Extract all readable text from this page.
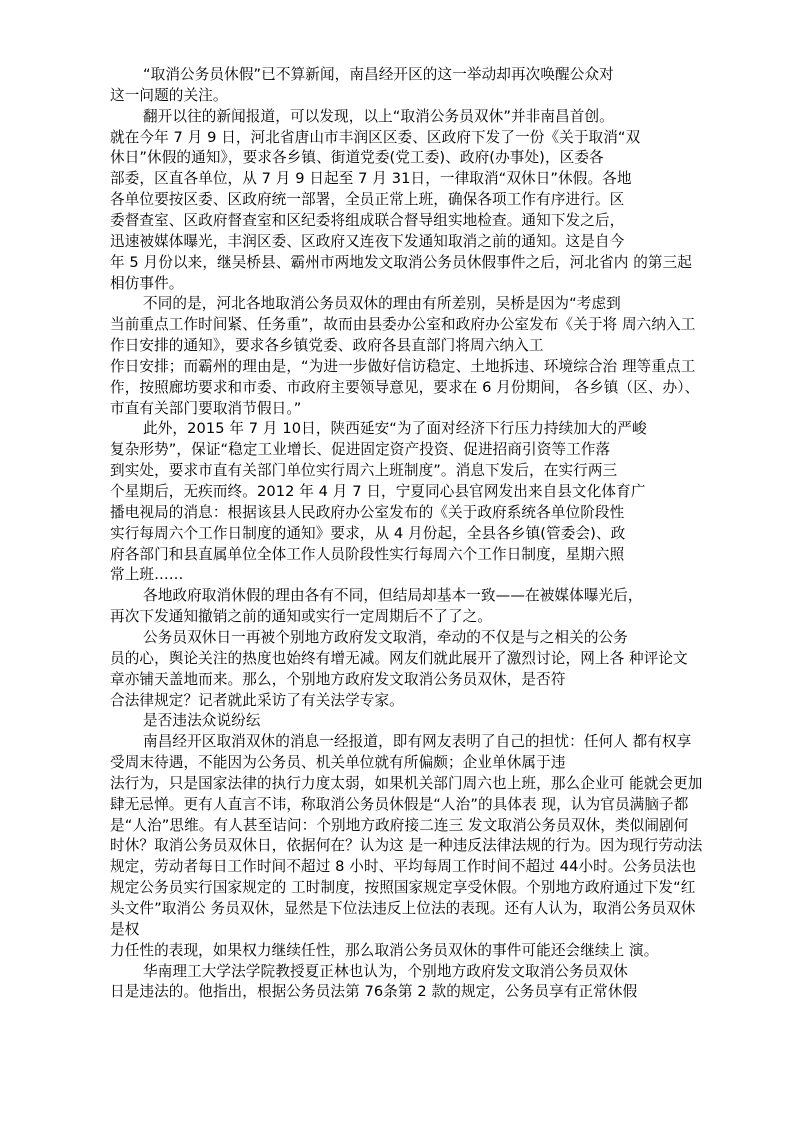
“取消公务员休假”已不算新闻，南昌经开区的这一举动却再次唤醒公众对
这一问题的关注。
翻开以往的新闻报道，可以发现，以上“取消公务员双休”并非南昌首创。
就在今年 7 月 9 日，河北省唐山市丰润区区委、区政府下发了一份《关于取消“双
休日”休假的通知》，要求各乡镇、街道党委(党工委)、政府(办事处)，区委各
部委，区直各单位，从 7 月 9 日起至 7 月 31日，一律取消“双休日”休假。各地
各单位要按区委、区政府统一部署，全员正常上班，确保各项工作有序进行。区
委督查室、区政府督查室和区纪委将组成联合督导组实地检查。通知下发之后，
迅速被媒体曝光，丰润区委、区政府又连夜下发通知取消之前的通知。这是自今
年 5 月份以来，继吴桥县、霸州市两地发文取消公务员休假事件之后，河北省内 的第三起
相仿事件。
不同的是，河北各地取消公务员双休的理由有所差别，吴桥是因为“考虑到
当前重点工作时间紧、任务重”，故而由县委办公室和政府办公室发布《关于将 周六纳入工
作日安排的通知》，要求各乡镇党委、政府各县直部门将周六纳入工
作日安排；而霸州的理由是，“为进一步做好信访稳定、土地拆违、环境综合治 理等重点工
作，按照廊坊要求和市委、市政府主要领导意见，要求在 6 月份期间， 各乡镇（区、办）、
市直有关部门要取消节假日。”
此外，2015 年 7 月 10日，陕西延安“为了面对经济下行压力持续加大的严峻
复杂形势”，保证“稳定工业增长、促进固定资产投资、促进招商引资等工作落
到实处，要求市直有关部门单位实行周六上班制度”。消息下发后，在实行两三
个星期后，无疾而终。2012 年 4 月 7 日，宁夏同心县官网发出来自县文化体育广
播电视局的消息：根据该县人民政府办公室发布的《关于政府系统各单位阶段性
实行每周六个工作日制度的通知》要求，从 4 月份起，全县各乡镇(管委会)、政
府各部门和县直属单位全体工作人员阶段性实行每周六个工作日制度，星期六照
常上班……
各地政府取消休假的理由各有不同，但结局却基本一致——在被媒体曝光后，
再次下发通知撤销之前的通知或实行一定周期后不了了之。
公务员双休日一再被个别地方政府发文取消，牵动的不仅是与之相关的公务
员的心，舆论关注的热度也始终有增无减。网友们就此展开了激烈讨论，网上各 种评论文
章亦铺天盖地而来。那么，个别地方政府发文取消公务员双休，是否符
合法律规定？记者就此采访了有关法学专家。
是否违法众说纷纭
南昌经开区取消双休的消息一经报道，即有网友表明了自己的担忧：任何人 都有权享
受周末待遇，不能因为公务员、机关单位就有所偏颇；企业单休属于违
法行为，只是国家法律的执行力度太弱，如果机关部门周六也上班，那么企业可 能就会更加
肆无忌惮。更有人直言不讳，称取消公务员休假是“人治”的具体表 现，认为官员满脑子都
是“人治”思维。有人甚至诘问：个别地方政府接二连三 发文取消公务员双休，类似闹剧何
时休？取消公务员双休日，依据何在？认为这 是一种违反法律法规的行为。因为现行劳动法
规定，劳动者每日工作时间不超过 8 小时、平均每周工作时间不超过 44小时。公务员法也
规定公务员实行国家规定的 工时制度，按照国家规定享受休假。个别地方政府通过下发“红
头文件”取消公 务员双休，显然是下位法违反上位法的表现。还有人认为，取消公务员双休
是权
力任性的表现，如果权力继续任性，那么取消公务员双休的事件可能还会继续上 演。
华南理工大学法学院教授夏正林也认为，个别地方政府发文取消公务员双休
日是违法的。他指出，根据公务员法第 76条第 2 款的规定，公务员享有正常休假
